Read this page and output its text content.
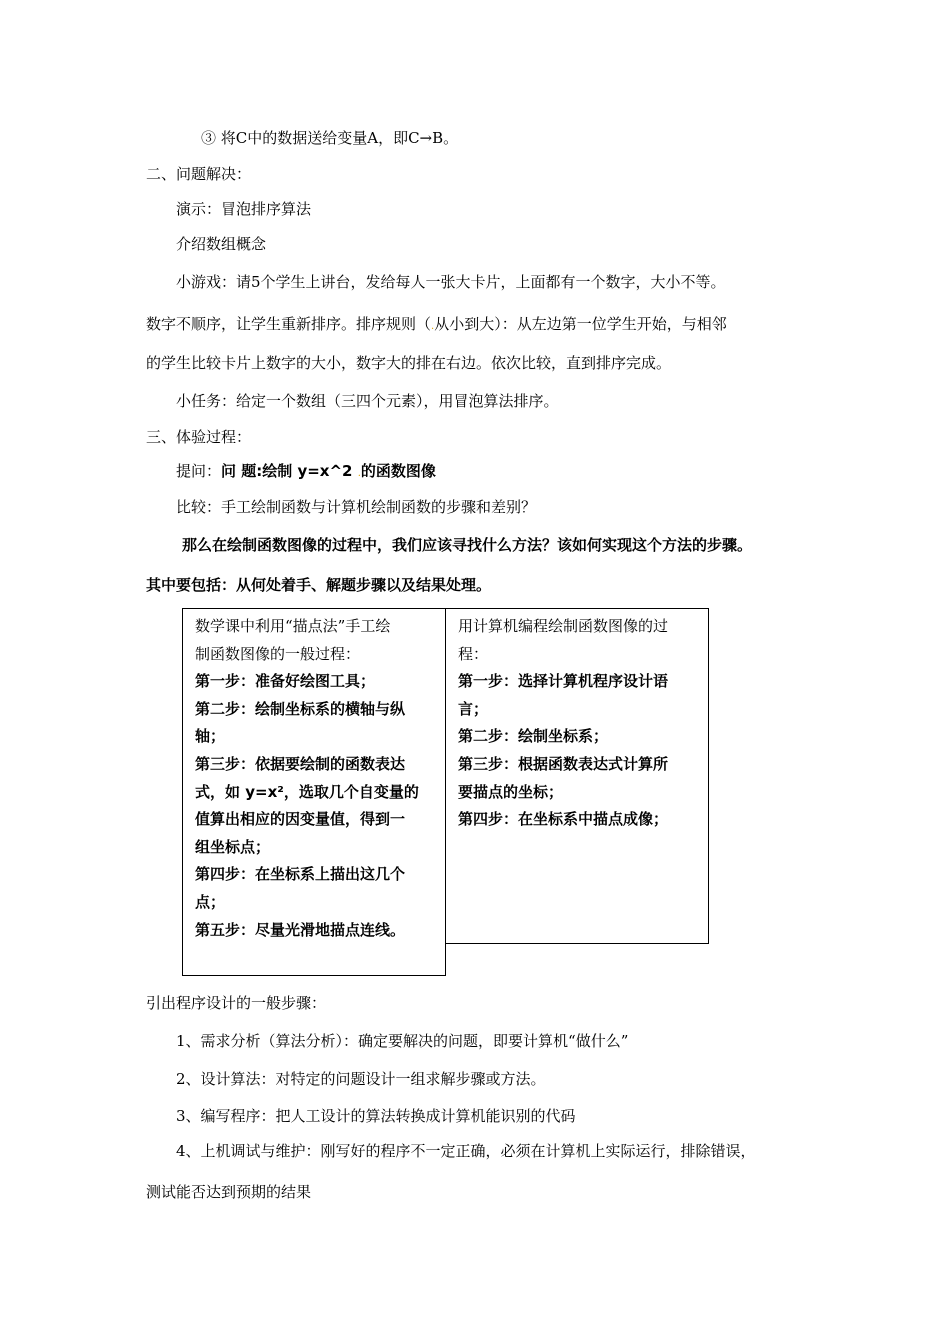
③ 将C中的数据送给变量A，即C→B。
二、问题解决：
演示：冒泡排序算法
介绍数组概念
小游戏：请5个学生上讲台，发给每人一张大卡片，上面都有一个数字，大小不等。
数字不顺序，让学生重新排序。排序规则（.从小到大）：从左边第一位学生开始，与相邻
的学生比较卡片上数字的大小，数字大的排在右边。依次比较，直到排序完成。
小任务：给定一个数组（三四个元素），用冒泡算法排序。
三、体验过程：
提问：问 题:绘制 y=x^2 .的函数图像
比较：手工绘制函数与计算机绘制函数的步骤和差别？
那么在绘制函数图像的过程中，我们应该寻找什么方法？该如何实现这个方法的步骤。
其中要包括：从何处着手、解题步骤以及结果处理。
数学课中利用“描点法”手工绘
制函数图像的一般过程：
第一步：准备好绘图工具；
第二步：绘制坐标系的横轴与纵
轴；
第三步：依据要绘制的函数表达
式，如 y=x²，选取几个自变量的
值算出相应的因变量值，得到一
组坐标点；
第四步：在坐标系上描出这几个
点；
第五步：尽量光滑地描点连线。
用计算机编程绘制函数图像的过
程：
第一步：选择计算机程序设计语
言；
第二步：绘制坐标系；
第三步：根据函数表达式计算所
要描点的坐标；
第四步：在坐标系中描点成像；
引出程序设计的一般步骤：
1、需求分析（算法分析）：确定要解决的问题，即要计算机“做什么”
2、设计算法：对特定的问题设计一组求解步骤或方法。
3、编写程序：把人工设计的算法转换成计算机能识别的代码
4、上机调试与维护：刚写好的程序不一定正确，必须在计算机上实际运行，排除错误，
测试能否达到预期的结果
